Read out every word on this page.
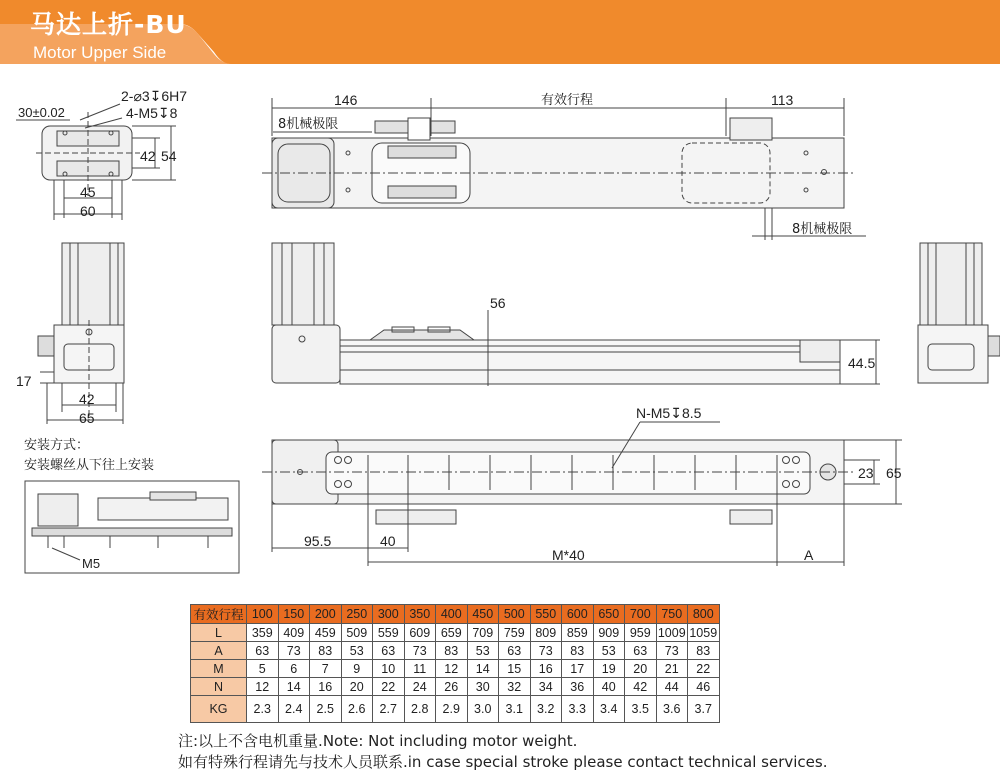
马达上折-BU
Motor Upper Side
30±0.02
2-⌀3↧6H7
4-M5↧8
42 54
45
60
146	有效行程	113
8机械极限
8机械极限
17
42
65
56
44.5
N-M5↧8.5
23 65
95.5	40
M*40	A
安装方式：
安装螺丝从下往上安装
M5
有效行程	100	150	200	250	300	350	400	450	500	550	600	650	700	750	800
L	359	409	459	509	559	609	659	709	759	809	859	909	959	1009	1059
A	63	73	83	53	63	73	83	53	63	73	83	53	63	73	83
M	5	6	7	9	10	11	12	14	15	16	17	19	20	21	22
N	12	14	16	20	22	24	26	30	32	34	36	40	42	44	46
KG	2.3	2.4	2.5	2.6	2.7	2.8	2.9	3.0	3.1	3.2	3.3	3.4	3.5	3.6	3.7
注:以上不含电机重量.Note: Not including motor weight.
如有特殊行程请先与技术人员联系.in case special stroke please contact technical services.
